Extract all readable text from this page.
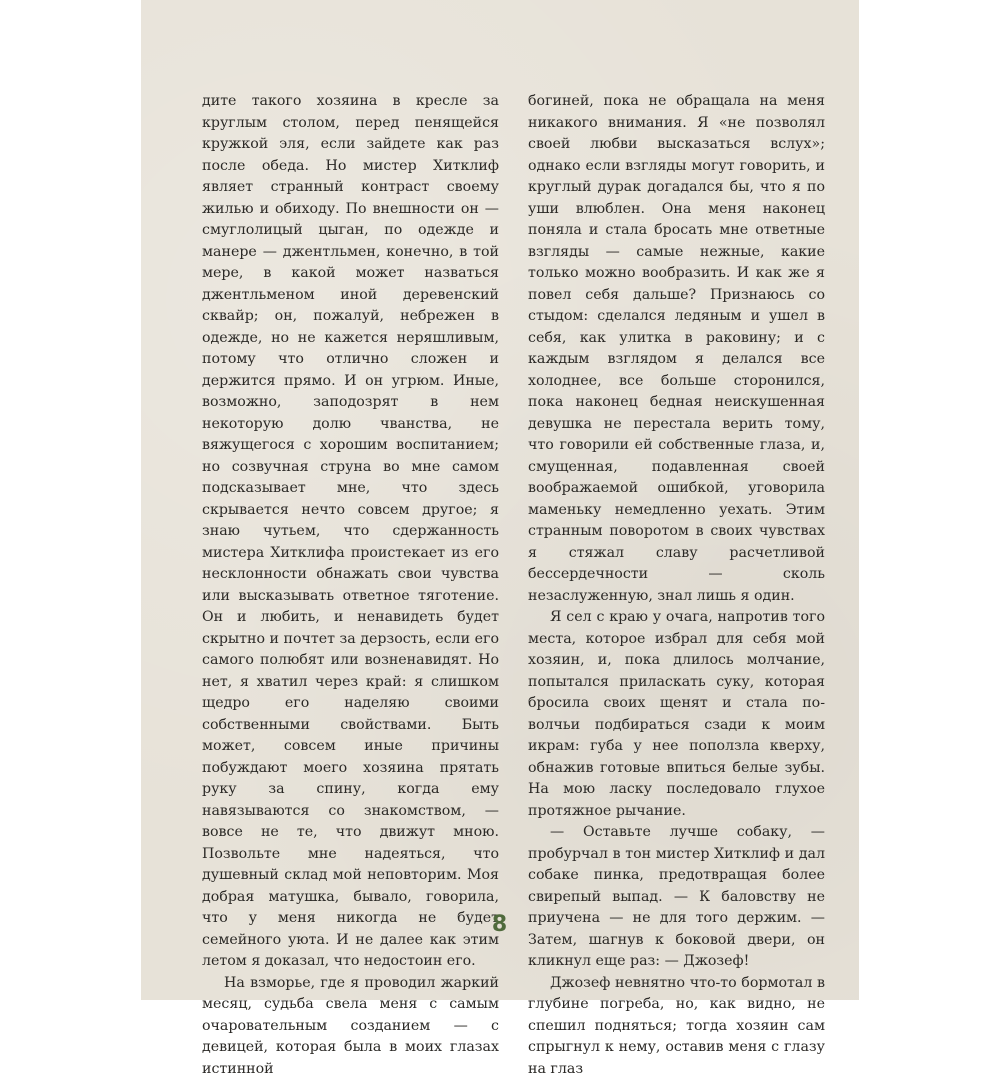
дите такого хозяина в кресле за круглым столом, перед пенящейся кружкой эля, если зайдете как раз после обеда. Но мистер Хитклиф являет странный контраст своему жилью и обиходу. По внешности он — смуглолицый цыган, по одежде и манере — джентльмен, конечно, в той мере, в какой может назваться джентльменом иной деревенский сквайр; он, пожалуй, небрежен в одежде, но не кажется неряшливым, потому что отлично сложен и держится прямо. И он угрюм. Иные, возможно, заподозрят в нем некоторую долю чванства, не вяжущегося с хорошим воспитанием; но созвучная струна во мне самом подсказывает мне, что здесь скрывается нечто совсем другое; я знаю чутьем, что сдержанность мистера Хитклифа проистекает из его несклонности обнажать свои чувства или высказывать ответное тяготение. Он и любить, и ненавидеть будет скрытно и почтет за дерзость, если его самого полюбят или возненавидят. Но нет, я хватил через край: я слишком щедро его наделяю своими собственными свойствами. Быть может, совсем иные причины побуждают моего хозяина прятать руку за спину, когда ему навязываются со знакомством, — вовсе не те, что движут мною. Позвольте мне надеяться, что душевный склад мой неповторим. Моя добрая матушка, бывало, говорила, что у меня никогда не будет семейного уюта. И не далее как этим летом я доказал, что недостоин его.

На взморье, где я проводил жаркий месяц, судьба свела меня с самым очаровательным созданием — с девицей, которая была в моих глазах истинной

богиней, пока не обращала на меня никакого внимания. Я «не позволял своей любви высказаться вслух»; однако если взгляды могут говорить, и круглый дурак догадался бы, что я по уши влюблен. Она меня наконец поняла и стала бросать мне ответные взгляды — самые нежные, какие только можно вообразить. И как же я повел себя дальше? Признаюсь со стыдом: сделался ледяным и ушел в себя, как улитка в раковину; и с каждым взглядом я делался все холоднее, все больше сторонился, пока наконец бедная неискушенная девушка не перестала верить тому, что говорили ей собственные глаза, и, смущенная, подавленная своей воображаемой ошибкой, уговорила маменьку немедленно уехать. Этим странным поворотом в своих чувствах я стяжал славу расчетливой бессердечности — сколь незаслуженную, знал лишь я один.

Я сел с краю у очага, напротив того места, которое избрал для себя мой хозяин, и, пока длилось молчание, попытался приласкать суку, которая бросила своих щенят и стала по-волчьи подбираться сзади к моим икрам: губа у нее поползла кверху, обнажив готовые впиться белые зубы. На мою ласку последовало глухое протяжное рычание.

— Оставьте лучше собаку, — пробурчал в тон мистер Хитклиф и дал собаке пинка, предотвращая более свирепый выпад. — К баловству не приучена — не для того держим. — Затем, шагнув к боковой двери, он кликнул еще раз: — Джозеф!

Джозеф невнятно что-то бормотал в глубине погреба, но, как видно, не спешил подняться; тогда хозяин сам спрыгнул к нему, оставив меня с глазу на глаз

8
